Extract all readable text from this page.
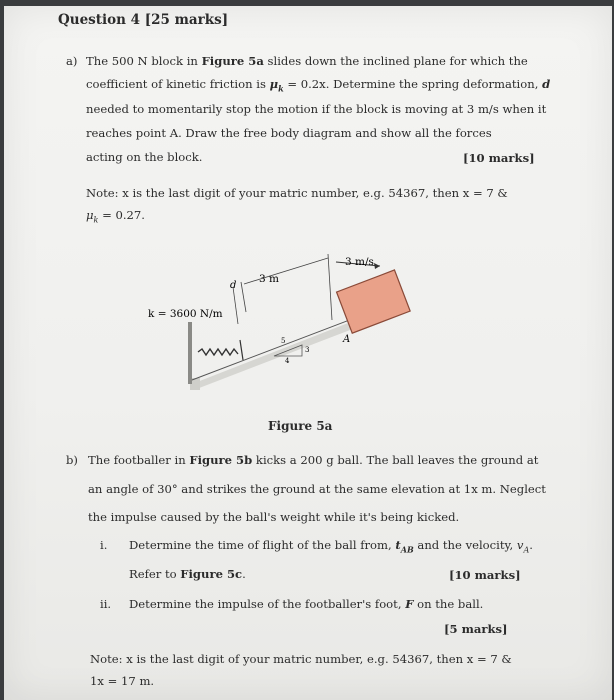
Question 4 [25 marks]
a) The 500 N block in Figure 5a slides down the inclined plane for which the
coefficient of kinetic friction is $\mu_k = 0.2x$. Determine the spring deformation, d
needed to momentarily stop the motion if the block is moving at 3 m/s when it
reaches point A. Draw the free body diagram and show all the forces
acting on the block.	[10 marks]
Note: x is the last digit of your matric number, e.g. 54367, then x = 7 &
$\mu_k = 0.27$.
3 m
3 m/s
d
k = 3600 N/m
A
5
3
4
Figure 5a
b) The footballer in Figure 5b kicks a 200 g ball. The ball leaves the ground at
an angle of 30° and strikes the ground at the same elevation at 1x m. Neglect
the impulse caused by the ball's weight while it's being kicked.
i. Determine the time of flight of the ball from, $t_{AB}$ and the velocity, $v_A$.
Refer to Figure 5c.	[10 marks]
ii. Determine the impulse of the footballer's foot, F on the ball.
[5 marks]
Note: x is the last digit of your matric number, e.g. 54367, then x = 7 &
1x = 17 m.
